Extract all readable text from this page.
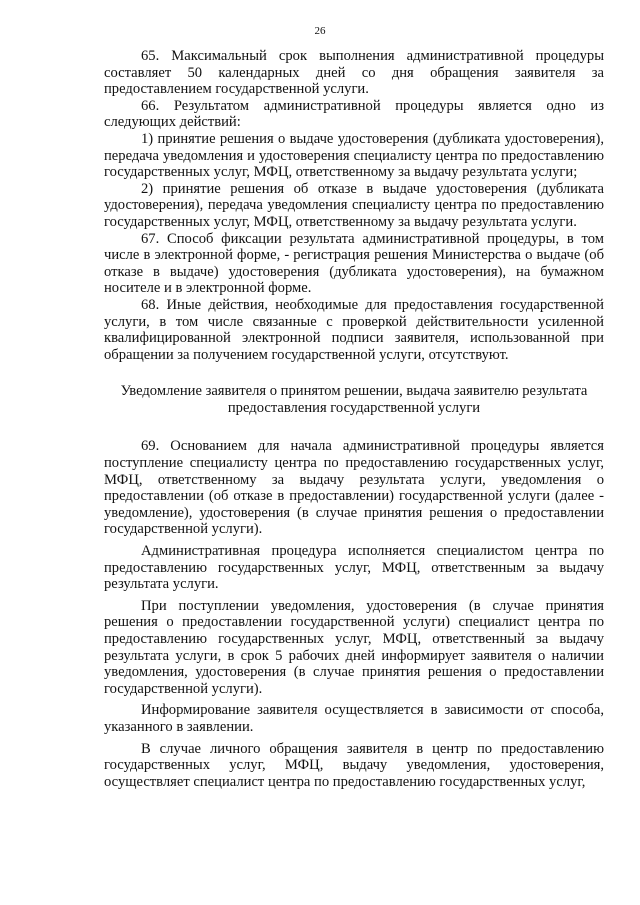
26

65. Максимальный срок выполнения административной процедуры составляет 50 календарных дней со дня обращения заявителя за предоставлением государственной услуги.

66. Результатом административной процедуры является одно из следующих действий:

1) принятие решения о выдаче удостоверения (дубликата удостоверения), передача уведомления и удостоверения специалисту центра по предоставлению государственных услуг, МФЦ, ответственному за выдачу результата услуги;

2) принятие решения об отказе в выдаче удостоверения (дубликата удостоверения), передача уведомления специалисту центра по предоставлению государственных услуг, МФЦ, ответственному за выдачу результата услуги.

67. Способ фиксации результата административной процедуры, в том числе в электронной форме, - регистрация решения Министерства о выдаче (об отказе в выдаче) удостоверения (дубликата удостоверения), на бумажном носителе и в электронной форме.

68. Иные действия, необходимые для предоставления государственной услуги, в том числе связанные с проверкой действительности усиленной квалифицированной электронной подписи заявителя, использованной при обращении за получением государственной услуги, отсутствуют.

Уведомление заявителя о принятом решении, выдача заявителю результата предоставления государственной услуги

69. Основанием для начала административной процедуры является поступление специалисту центра по предоставлению государственных услуг, МФЦ, ответственному за выдачу результата услуги, уведомления о предоставлении (об отказе в предоставлении) государственной услуги (далее - уведомление), удостоверения (в случае принятия решения о предоставлении государственной услуги).

Административная процедура исполняется специалистом центра по предоставлению государственных услуг, МФЦ, ответственным за выдачу результата услуги.

При поступлении уведомления, удостоверения (в случае принятия решения о предоставлении государственной услуги) специалист центра по предоставлению государственных услуг, МФЦ, ответственный за выдачу результата услуги, в срок 5 рабочих дней информирует заявителя о наличии уведомления, удостоверения (в случае принятия решения о предоставлении государственной услуги).

Информирование заявителя осуществляется в зависимости от способа, указанного в заявлении.

В случае личного обращения заявителя в центр по предоставлению государственных услуг, МФЦ, выдачу уведомления, удостоверения, осуществляет специалист центра по предоставлению государственных услуг,
